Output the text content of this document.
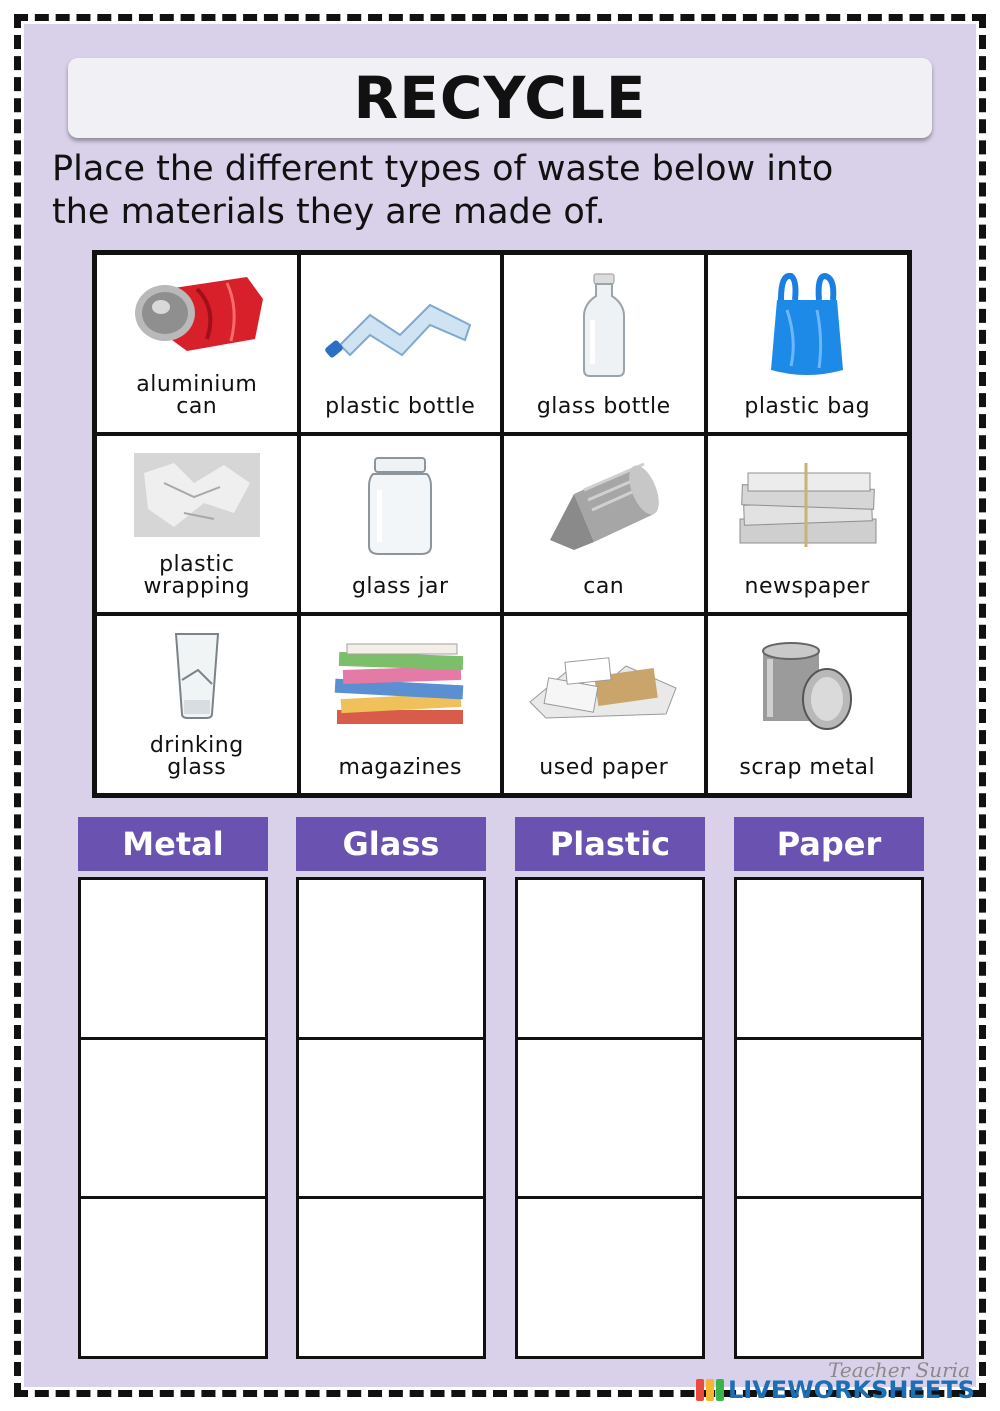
RECYCLE
Place the different types of waste below into
the materials they are made of.
aluminium
can	plastic bottle	glass bottle	plastic bag
plastic
wrapping	glass jar	can	newspaper
drinking
glass	magazines	used paper	scrap metal
Metal	Glass	Plastic	Paper
Teacher Suria
LIVEWORKSHEETS
